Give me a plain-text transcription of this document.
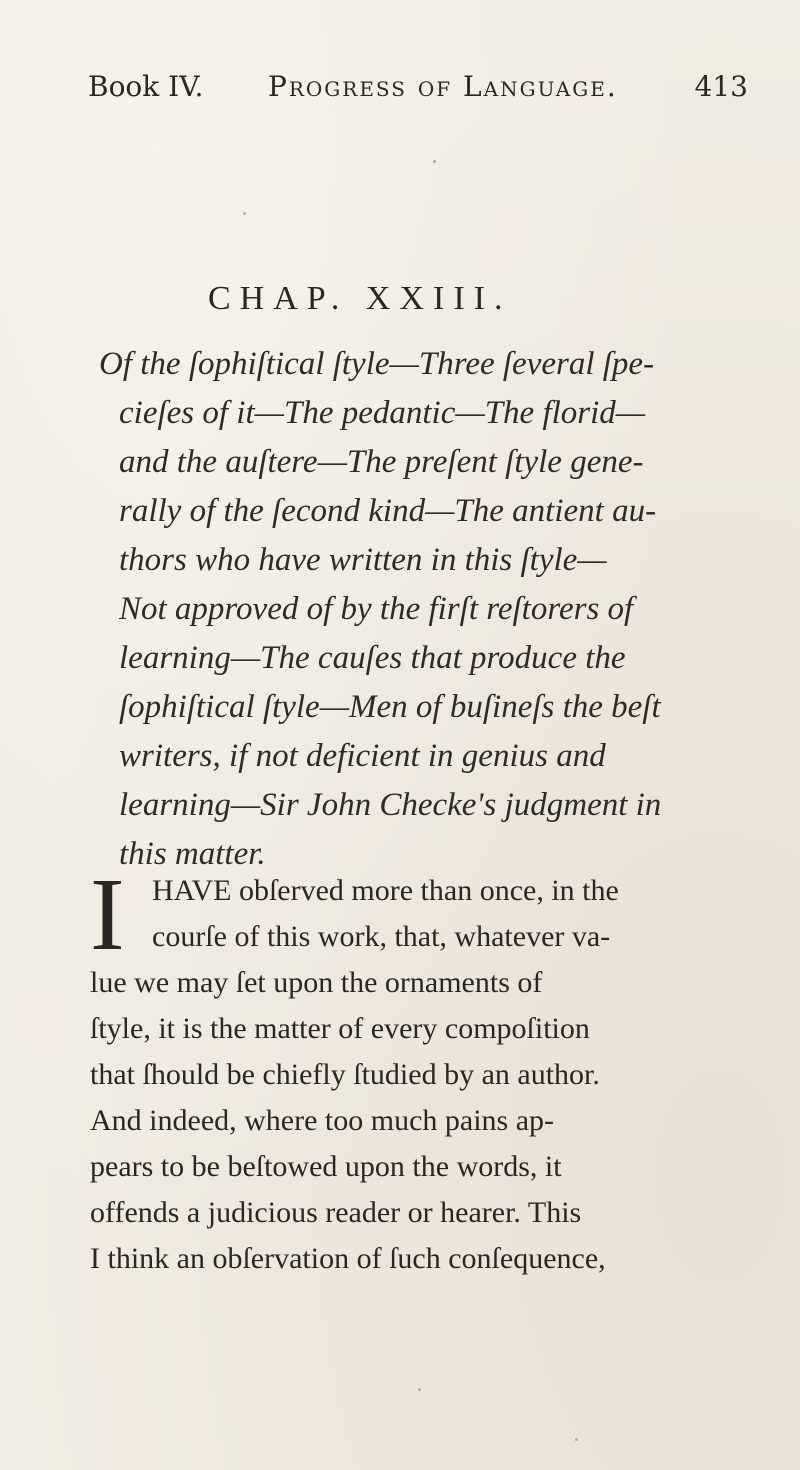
Book IV. Progress of Language.	413
CHAP. XXIII.
Of the ſophiſtical ſtyle—Three ſeveral ſpe-
cieſes of it—The pedantic—The florid—
and the auſtere—The preſent ſtyle gene-
rally of the ſecond kind—The antient au-
thors who have written in this ſtyle—
Not approved of by the firſt reſtorers of
learning—The cauſes that produce the
ſophiſtical ſtyle—Men of buſineſs the beſt
writers, if not deficient in genius and
learning—Sir John Checke's judgment in
this matter.
I HAVE obſerved more than once, in the
courſe of this work, that, whatever va-
lue we may ſet upon the ornaments of
ſtyle, it is the matter of every compoſition
that ſhould be chiefly ſtudied by an author.
And indeed, where too much pains ap-
pears to be beſtowed upon the words, it
offends a judicious reader or hearer. This
I think an obſervation of ſuch conſequence,
